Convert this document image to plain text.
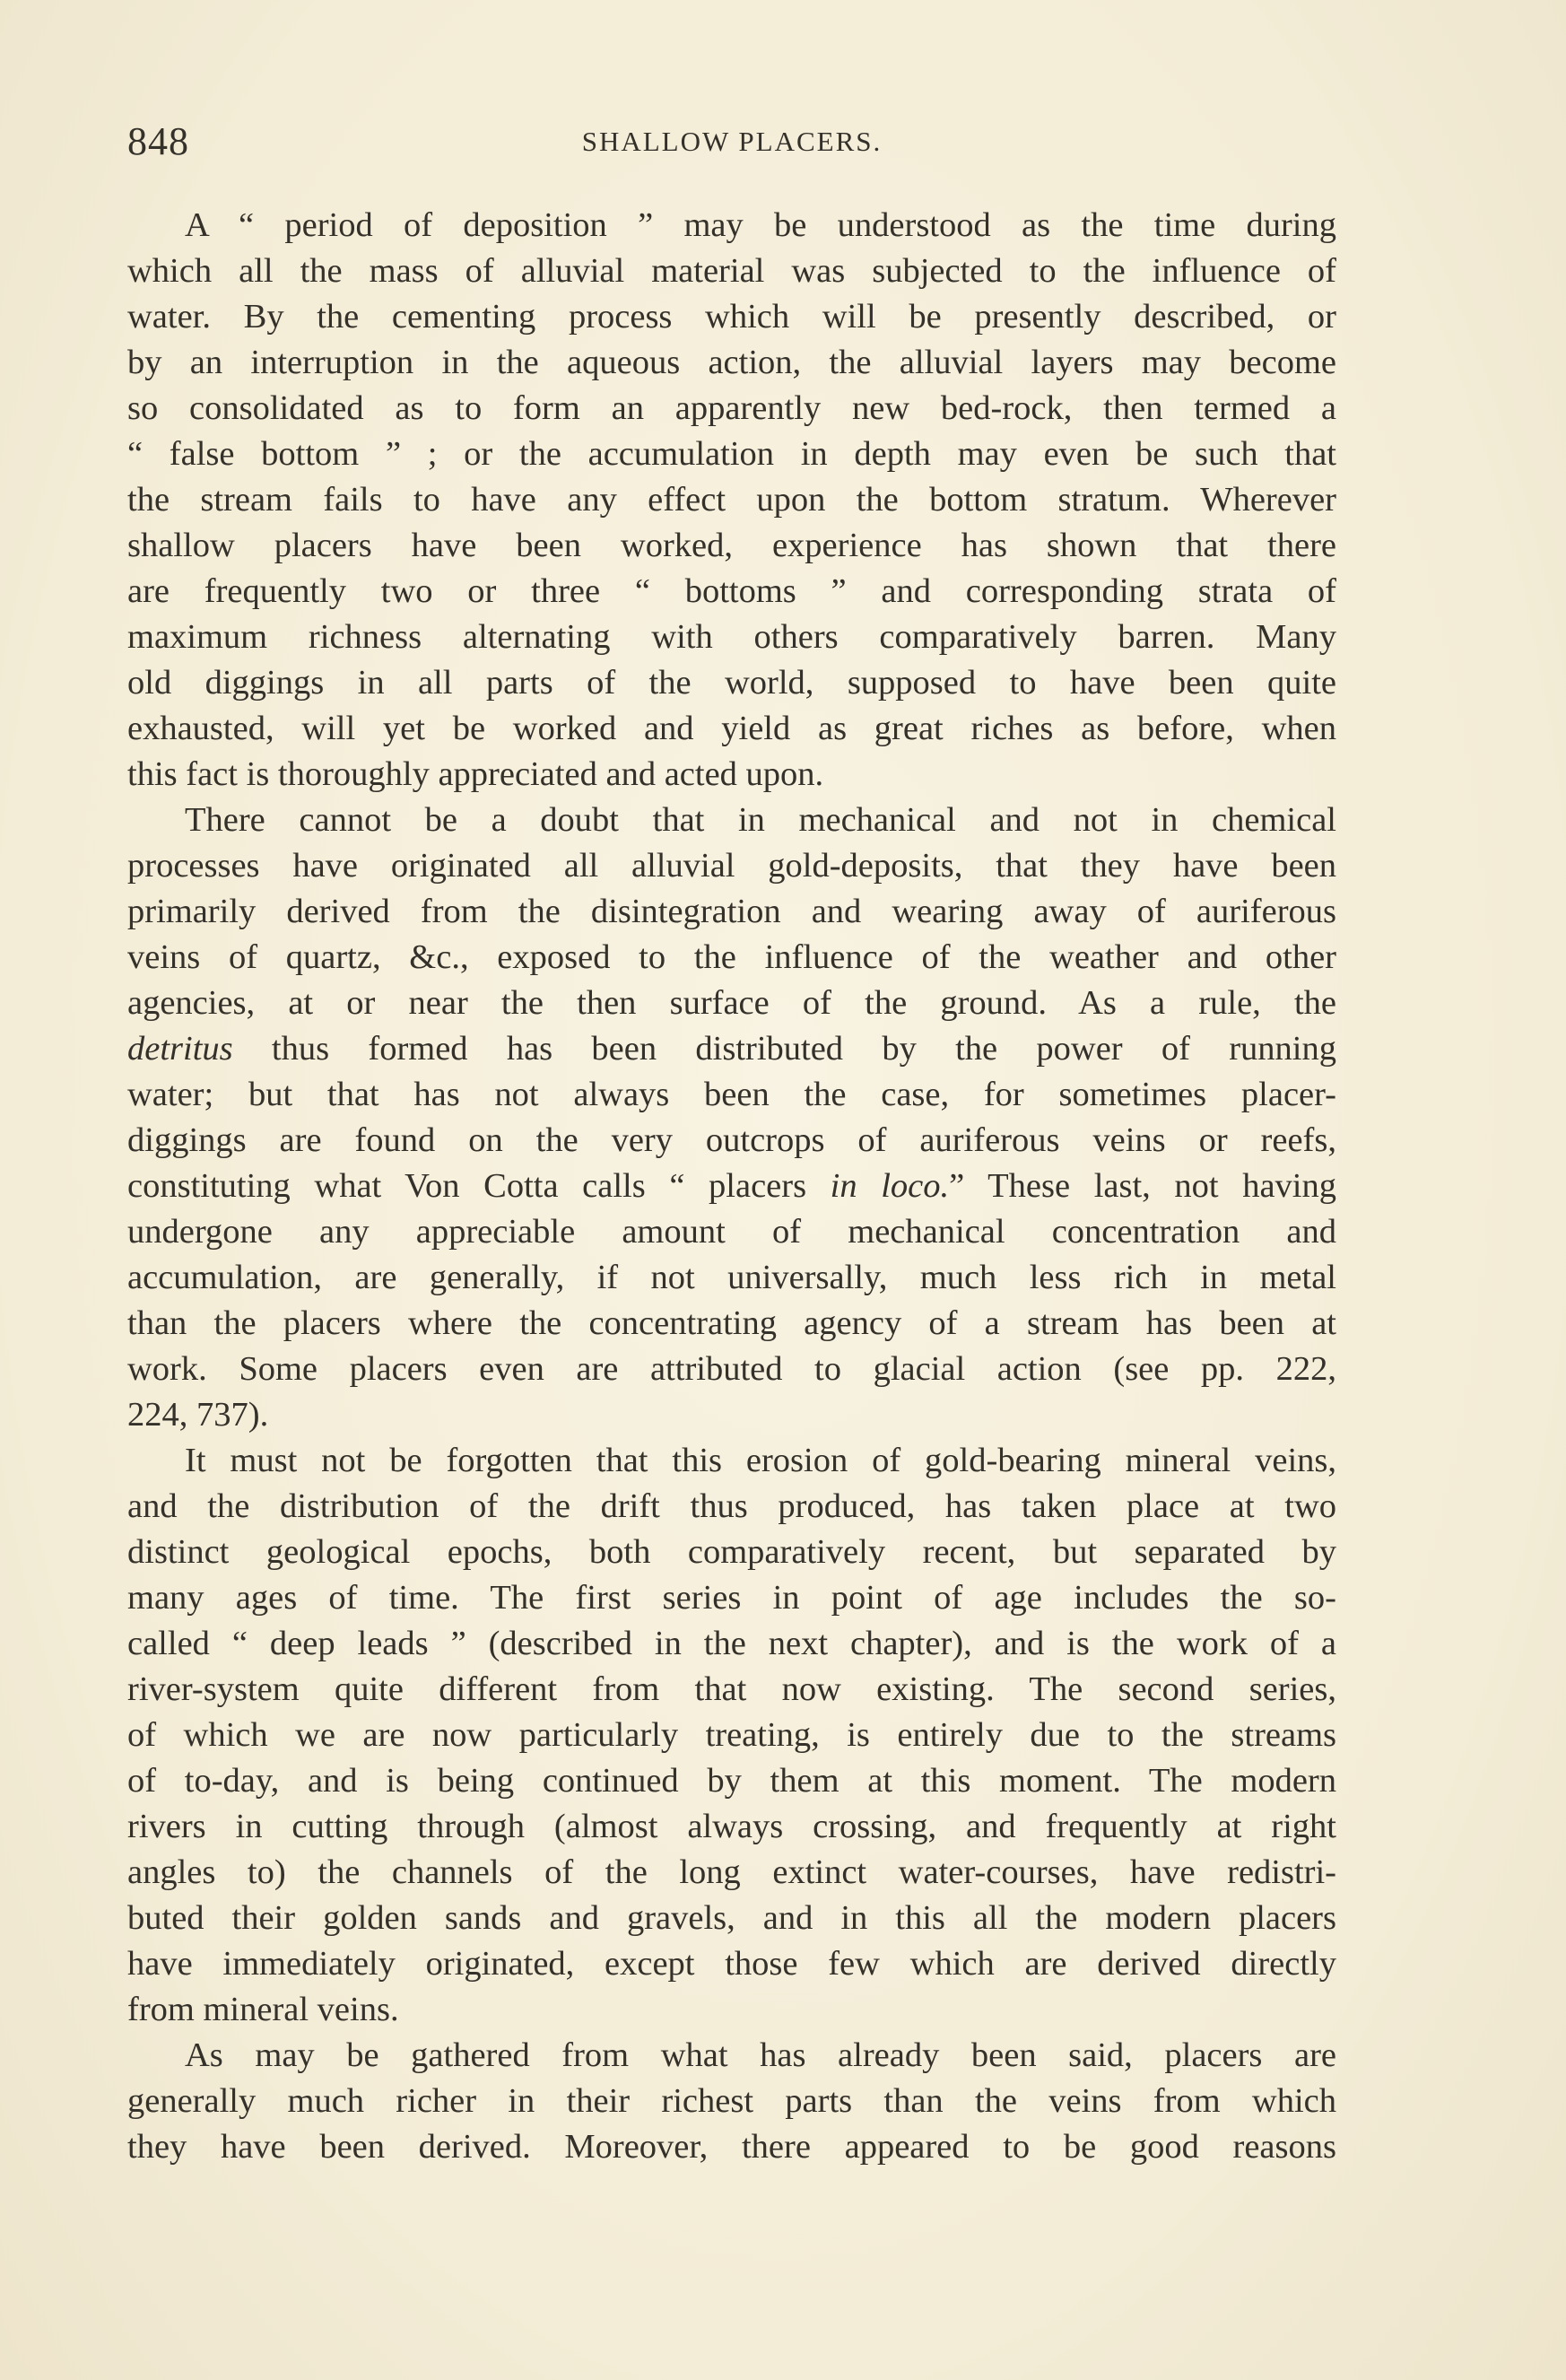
848	SHALLOW PLACERS.
A “ period of deposition ” may be understood as the time during
which all the mass of alluvial material was subjected to the influence of
water. By the cementing process which will be presently described, or
by an interruption in the aqueous action, the alluvial layers may become
so consolidated as to form an apparently new bed-rock, then termed a
“ false bottom ” ; or the accumulation in depth may even be such that
the stream fails to have any effect upon the bottom stratum. Wherever
shallow placers have been worked, experience has shown that there
are frequently two or three “ bottoms ” and corresponding strata of
maximum richness alternating with others comparatively barren. Many
old diggings in all parts of the world, supposed to have been quite
exhausted, will yet be worked and yield as great riches as before, when
this fact is thoroughly appreciated and acted upon.
There cannot be a doubt that in mechanical and not in chemical
processes have originated all alluvial gold-deposits, that they have been
primarily derived from the disintegration and wearing away of auriferous
veins of quartz, &c., exposed to the influence of the weather and other
agencies, at or near the then surface of the ground. As a rule, the
detritus thus formed has been distributed by the power of running
water; but that has not always been the case, for sometimes placer-
diggings are found on the very outcrops of auriferous veins or reefs,
constituting what Von Cotta calls “ placers in loco.” These last, not having
undergone any appreciable amount of mechanical concentration and
accumulation, are generally, if not universally, much less rich in metal
than the placers where the concentrating agency of a stream has been at
work. Some placers even are attributed to glacial action (see pp. 222,
224, 737).
It must not be forgotten that this erosion of gold-bearing mineral veins,
and the distribution of the drift thus produced, has taken place at two
distinct geological epochs, both comparatively recent, but separated by
many ages of time. The first series in point of age includes the so-
called “ deep leads ” (described in the next chapter), and is the work of a
river-system quite different from that now existing. The second series,
of which we are now particularly treating, is entirely due to the streams
of to-day, and is being continued by them at this moment. The modern
rivers in cutting through (almost always crossing, and frequently at right
angles to) the channels of the long extinct water-courses, have redistri-
buted their golden sands and gravels, and in this all the modern placers
have immediately originated, except those few which are derived directly
from mineral veins.
As may be gathered from what has already been said, placers are
generally much richer in their richest parts than the veins from which
they have been derived. Moreover, there appeared to be good reasons
